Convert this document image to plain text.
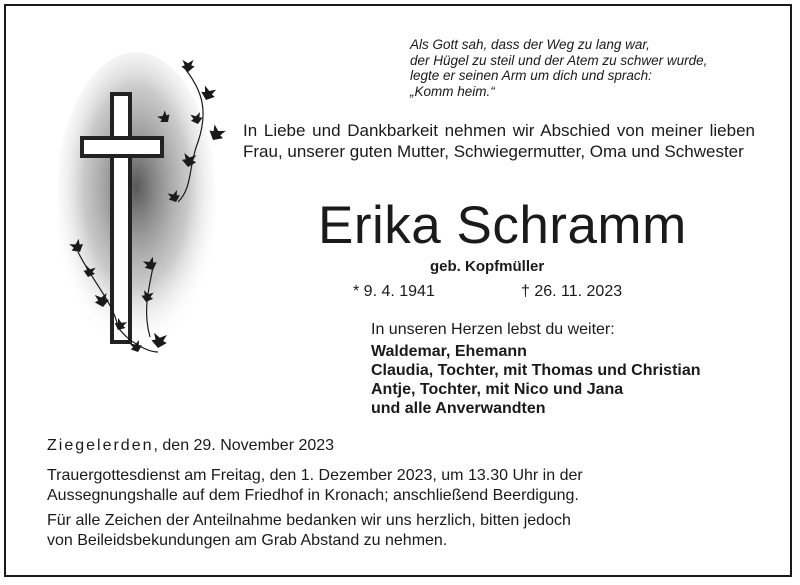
Als Gott sah, dass der Weg zu lang war,
der Hügel zu steil und der Atem zu schwer wurde,
legte er seinen Arm um dich und sprach:
„Komm heim.“
In Liebe und Dankbarkeit nehmen wir Abschied von meiner lieben Frau, unserer guten Mutter, Schwiegermutter, Oma und Schwester
Erika Schramm
geb. Kopfmüller
* 9. 4. 1941	† 26. 11. 2023
In unseren Herzen lebst du weiter:
Waldemar, Ehemann
Claudia, Tochter, mit Thomas und Christian
Antje, Tochter, mit Nico und Jana
und alle Anverwandten
Ziegelerden, den 29. November 2023
Trauergottesdienst am Freitag, den 1. Dezember 2023, um 13.30 Uhr in der
Aussegnungshalle auf dem Friedhof in Kronach; anschließend Beerdigung.
Für alle Zeichen der Anteilnahme bedanken wir uns herzlich, bitten jedoch
von Beileidsbekundungen am Grab Abstand zu nehmen.
